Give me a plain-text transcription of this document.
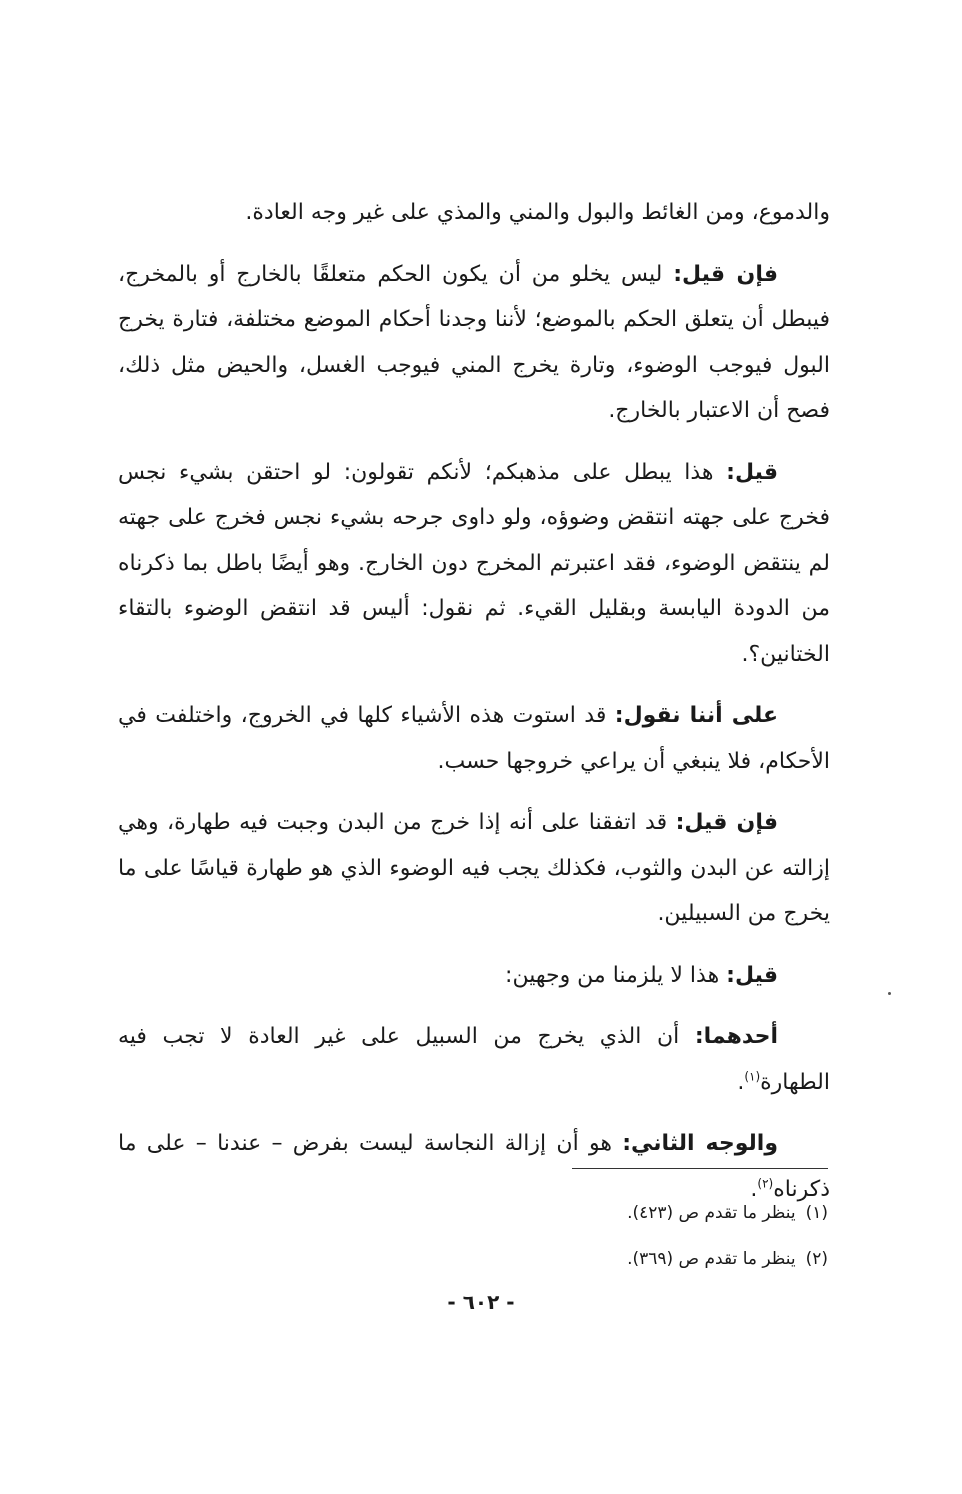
والدموع، ومن الغائط والبول والمني والمذي على غير وجه العادة.

فإن قيل: ليس يخلو من أن يكون الحكم متعلقًا بالخارج أو بالمخرج، فيبطل أن يتعلق الحكم بالموضع؛ لأننا وجدنا أحكام الموضع مختلفة، فتارة يخرج البول فيوجب الوضوء، وتارة يخرج المني فيوجب الغسل، والحيض مثل ذلك، فصح أن الاعتبار بالخارج.

قيل: هذا يبطل على مذهبكم؛ لأنكم تقولون: لو احتقن بشيء نجس فخرج على جهته انتقض وضوؤه، ولو داوى جرحه بشيء نجس فخرج على جهته لم ينتقض الوضوء، فقد اعتبرتم المخرج دون الخارج. وهو أيضًا باطل بما ذكرناه من الدودة اليابسة وبقليل القيء. ثم نقول: أليس قد انتقض الوضوء بالتقاء الختانين؟.

على أننا نقول: قد استوت هذه الأشياء كلها في الخروج، واختلفت في الأحكام، فلا ينبغي أن يراعي خروجها حسب.

فإن قيل: قد اتفقنا على أنه إذا خرج من البدن وجبت فيه طهارة، وهي إزالته عن البدن والثوب، فكذلك يجب فيه الوضوء الذي هو طهارة قياسًا على ما يخرج من السبيلين.

قيل: هذا لا يلزمنا من وجهين:

أحدهما: أن الذي يخرج من السبيل على غير العادة لا تجب فيه الطهارة$^{(١)}$.

والوجه الثاني: هو أن إزالة النجاسة ليست بفرض – عندنا – على ما ذكرناه$^{(٢)}$.

(١)ينظر ما تقدم ص (٤٢٣).
(٢)ينظر ما تقدم ص (٣٦٩).
- ٦٠٢ -
